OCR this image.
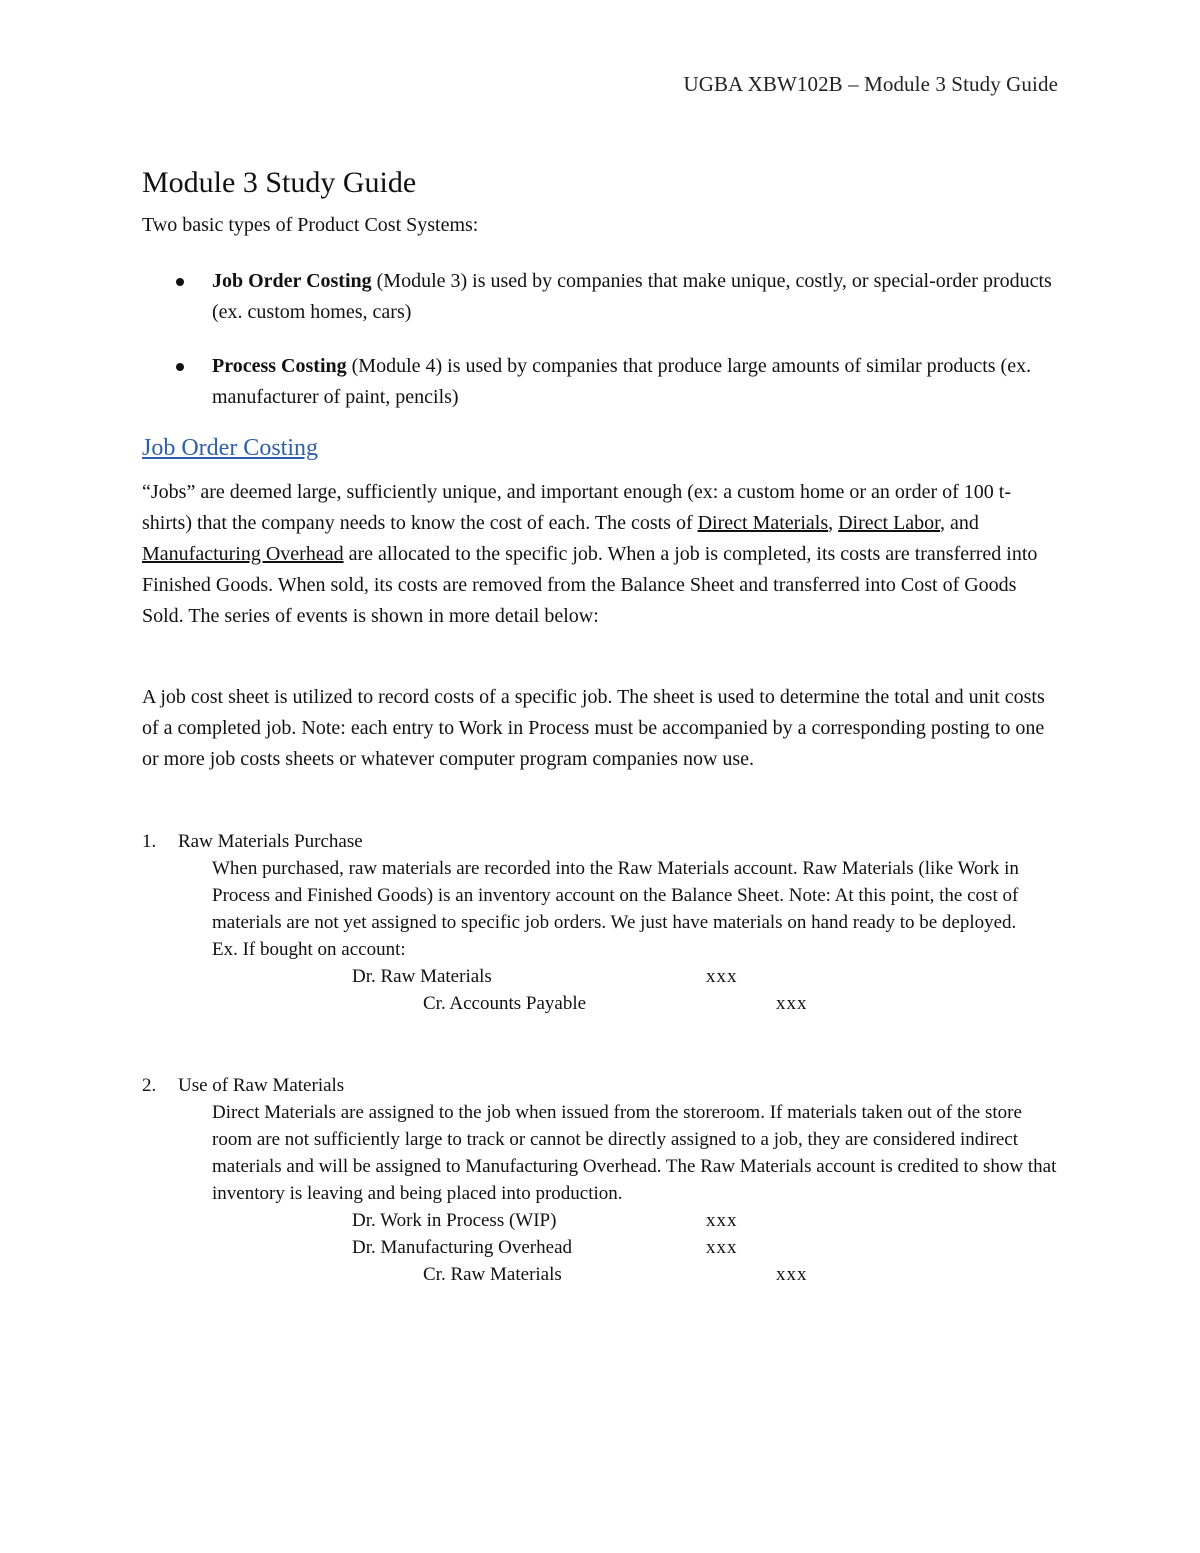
UGBA XBW102B – Module 3 Study Guide
Module 3 Study Guide

Two basic types of Product Cost Systems:

Job Order Costing (Module 3) is used by companies that make unique, costly, or special-order products (ex. custom homes, cars)
Process Costing (Module 4) is used by companies that produce large amounts of similar products (ex. manufacturer of paint, pencils)
Job Order Costing

“Jobs” are deemed large, sufficiently unique, and important enough (ex: a custom home or an order of 100 t-shirts) that the company needs to know the cost of each. The costs of Direct Materials, Direct Labor, and Manufacturing Overhead are allocated to the specific job. When a job is completed, its costs are transferred into Finished Goods. When sold, its costs are removed from the Balance Sheet and transferred into Cost of Goods Sold. The series of events is shown in more detail below:

A job cost sheet is utilized to record costs of a specific job. The sheet is used to determine the total and unit costs of a completed job. Note: each entry to Work in Process must be accompanied by a corresponding posting to one or more job costs sheets or whatever computer program companies now use.

1. Raw Materials Purchase
When purchased, raw materials are recorded into the Raw Materials account. Raw Materials (like Work in Process and Finished Goods) is an inventory account on the Balance Sheet. Note: At this point, the cost of materials are not yet assigned to specific job orders. We just have materials on hand ready to be deployed.
Ex. If bought on account:
Dr. Raw Materials	xxx
Cr. Accounts Payable	xxx
2. Use of Raw Materials
Direct Materials are assigned to the job when issued from the storeroom. If materials taken out of the store room are not sufficiently large to track or cannot be directly assigned to a job, they are considered indirect materials and will be assigned to Manufacturing Overhead. The Raw Materials account is credited to show that inventory is leaving and being placed into production.
Dr. Work in Process (WIP)	xxx
Dr. Manufacturing Overhead	xxx
Cr. Raw Materials	xxx
